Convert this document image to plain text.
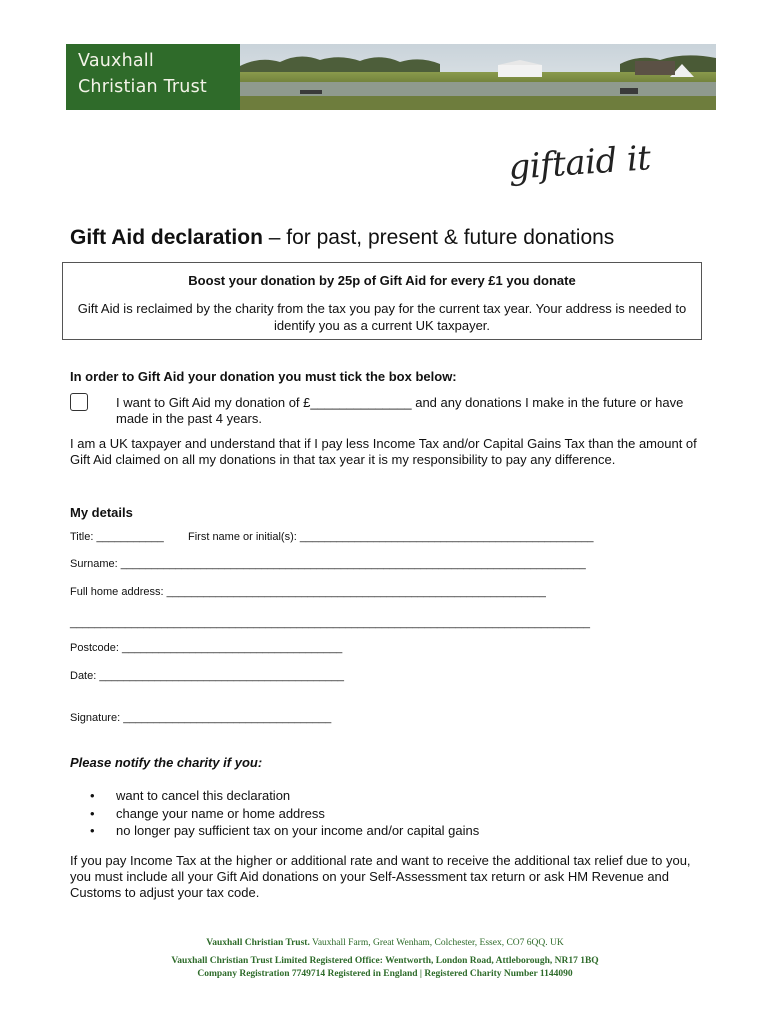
Vauxhall
Christian Trust
giftaid it
Gift Aid declaration – for past, present & future donations
Boost your donation by 25p of Gift Aid for every £1 you donate
Gift Aid is reclaimed by the charity from the tax you pay for the current tax year. Your address is needed to identify you as a current UK taxpayer.
In order to Gift Aid your donation you must tick the box below:
I want to Gift Aid my donation of £______________ and any donations I make in the future or have made in the past 4 years.
I am a UK taxpayer and understand that if I pay less Income Tax and/or Capital Gains Tax than the amount of Gift Aid claimed on all my donations in that tax year it is my responsibility to pay any difference.
My details
Title: ___________ First name or initial(s): ________________________________________________
Surname: ____________________________________________________________________________
Full home address: ______________________________________________________________
_____________________________________________________________________________________
Postcode: ____________________________________
Date: ________________________________________
Signature: __________________________________
Please notify the charity if you:
• want to cancel this declaration
• change your name or home address
• no longer pay sufficient tax on your income and/or capital gains
If you pay Income Tax at the higher or additional rate and want to receive the additional tax relief due to you, you must include all your Gift Aid donations on your Self-Assessment tax return or ask HM Revenue and Customs to adjust your tax code.
Vauxhall Christian Trust. Vauxhall Farm, Great Wenham, Colchester, Essex, CO7 6QQ. UK
Vauxhall Christian Trust Limited Registered Office: Wentworth, London Road, Attleborough, NR17 1BQ
Company Registration 7749714 Registered in England | Registered Charity Number 1144090
